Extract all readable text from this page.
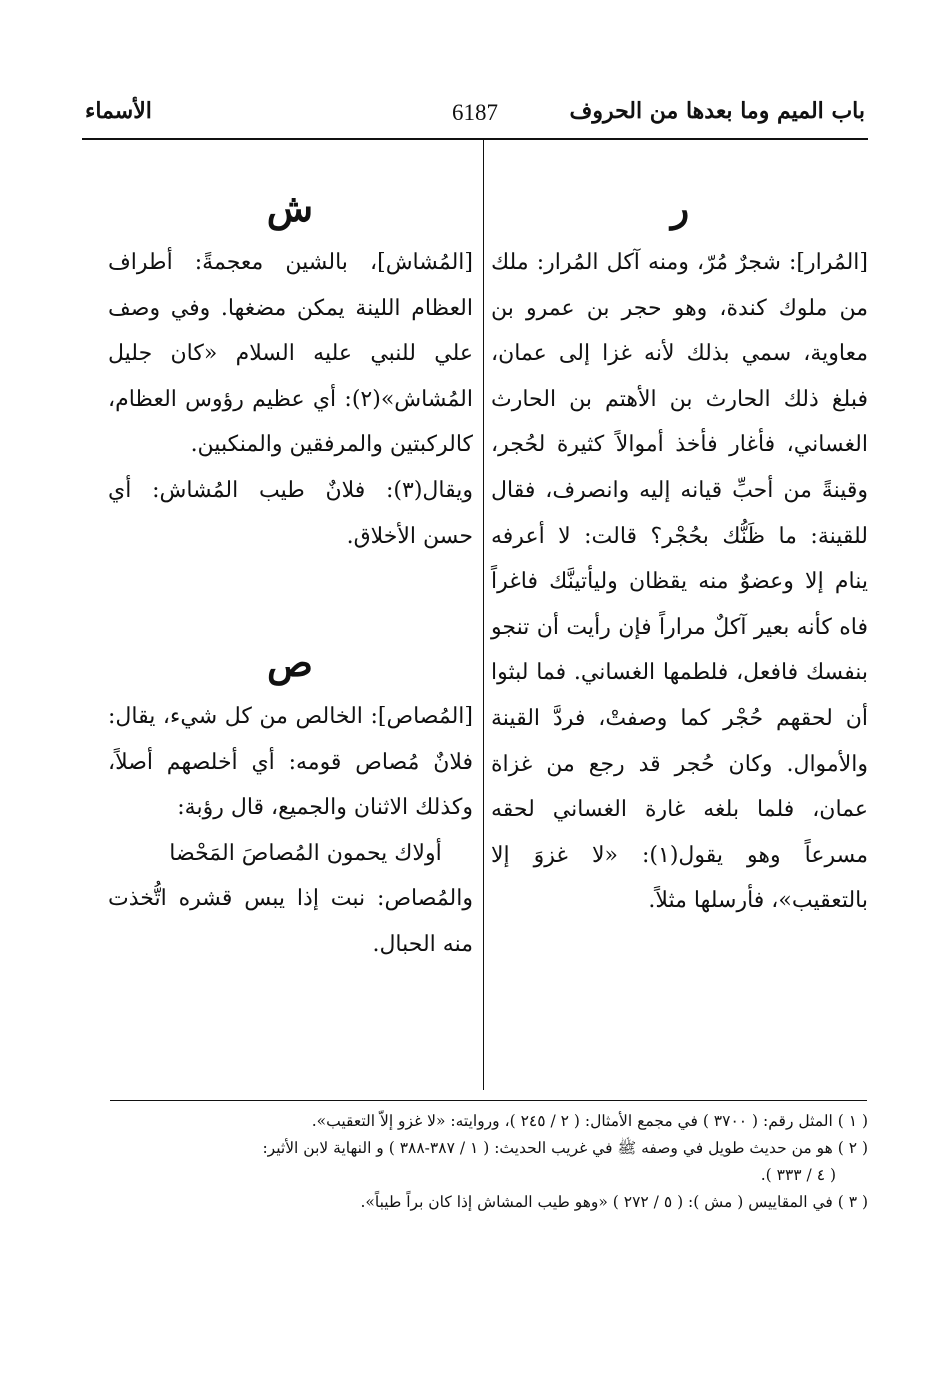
باب الميم وما بعدها من الحروف
6187
الأسماء
ر

[المُرار]: شجرٌ مُرّ، ومنه آكل المُرار: ملك من ملوك كندة، وهو حجر بن عمرو بن معاوية، سمي بذلك لأنه غزا إلى عمان، فبلغ ذلك الحارث بن الأهتم بن الحارث الغساني، فأغار فأخذ أموالاً كثيرة لحُجر، وقينةً من أحبِّ قيانه إليه وانصرف، فقال للقينة: ما ظَنُّك بحُجْر؟ قالت: لا أعرفه ينام إلا وعضوٌ منه يقظان وليأتينَّك فاغراً فاه كأنه بعير آكلٌ مراراً فإن رأيت أن تنجو بنفسك فافعل، فلطمها الغساني. فما لبثوا أن لحقهم حُجْر كما وصفتْ، فردَّ القينة والأموال. وكان حُجر قد رجع من غزاة عمان، فلما بلغه غارة الغساني لحقه مسرعاً وهو يقول(١): «لا غزوَ إلا بالتعقيب»، فأرسلها مثلاً.

ش

[المُشاش]، بالشين معجمةً: أطراف العظام اللينة يمكن مضغها. وفي وصف علي للنبي عليه السلام «كان جليل المُشاش»(٢): أي عظيم رؤوس العظام، كالركبتين والمرفقين والمنكبين.

ويقال(٣): فلانٌ طيب المُشاش: أي حسن الأخلاق.

ص

[المُصاص]: الخالص من كل شيء، يقال: فلانٌ مُصاص قومه: أي أخلصهم أصلاً، وكذلك الاثنان والجميع، قال رؤبة:

أولاك يحمون المُصاصَ المَحْضا

والمُصاص: نبت إذا يبس قشره اتُّخذت منه الحبال.

( ١ ) المثل رقم: ( ٣٧٠٠ ) في مجمع الأمثال: ( ٢ / ٢٤٥ )، وروايته: «لا غزو إلاّ التعقيب».

( ٢ ) هو من حديث طويل في وصفه ﷺ في غريب الحديث: ( ١ / ٣٨٧-٣٨٨ ) و النهاية لابن الأثير:

( ٤ / ٣٣٣ ).

( ٣ ) في المقاييس ( مش ): ( ٥ / ٢٧٢ ) «وهو طيب المشاش إذا كان براً طيباً».
